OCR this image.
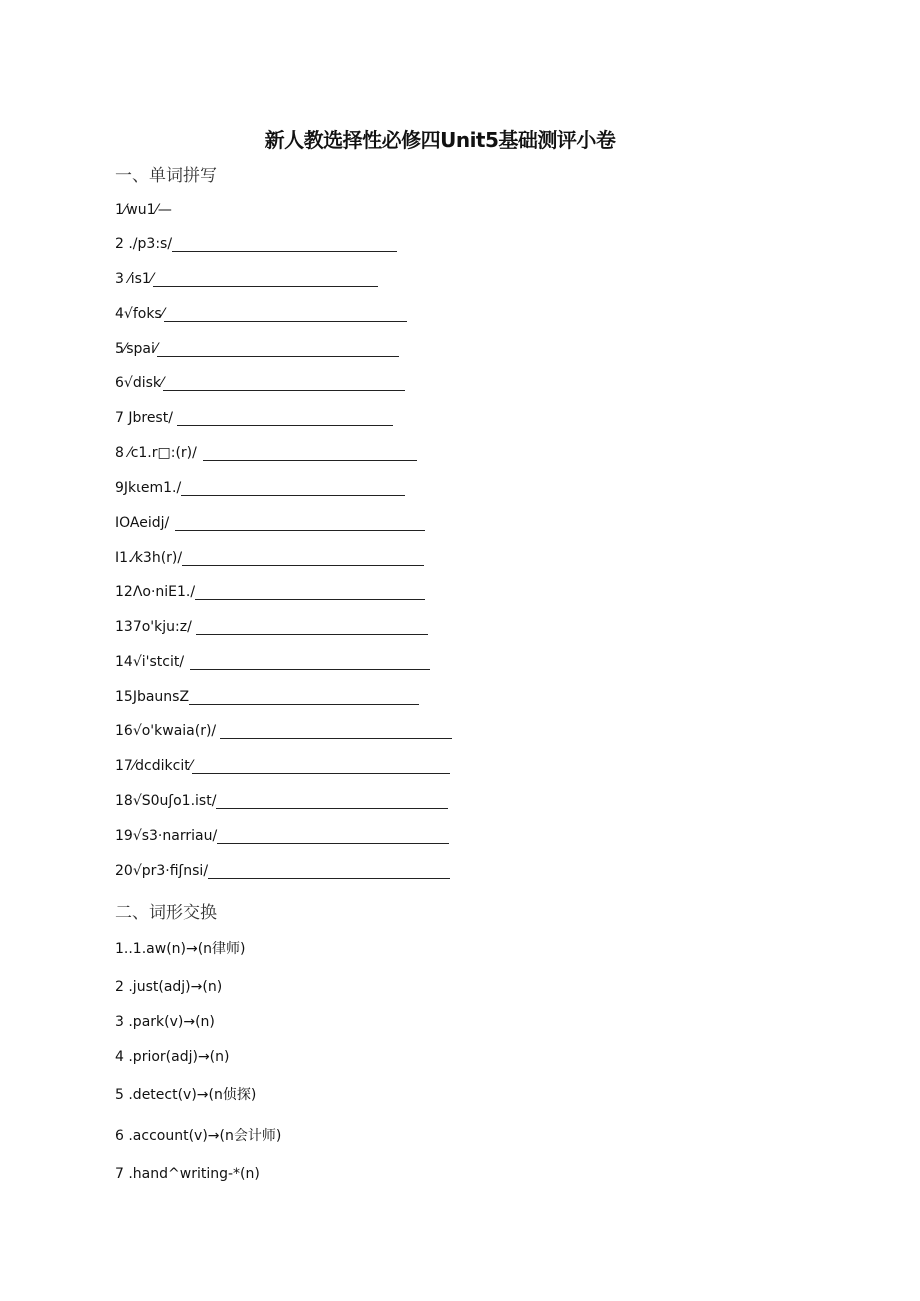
新人教选择性必修四Unit5基础测评小卷
一、单词拼写
1⁄wu1⁄—
2 ./p3:s/
3 ⁄is1⁄
4√foks⁄
5⁄spai⁄
6√disk⁄
7 Jbrest/
8 ⁄c1.r□:(r)/
9Jkιem1./
IOAeidj/
I1.⁄k3h(r)/
12Λo·niE1./
137o'kju:z/
14√i'stcit/
15JbaunsZ
16√o'kwaia(r)/
17⁄dcdikcit⁄
18√S0uʃo1.ist/
19√s3·narriau/
20√pr3·fiʃnsi/
二、词形交换
1..1.aw(n)→(n律师)
2 .just(adj)→(n)
3 .park(v)→(n)
4 .prior(adj)→(n)
5 .detect(v)→(n侦探)
6 .account(v)→(n会计师)
7 .hand^writing-*(n)
